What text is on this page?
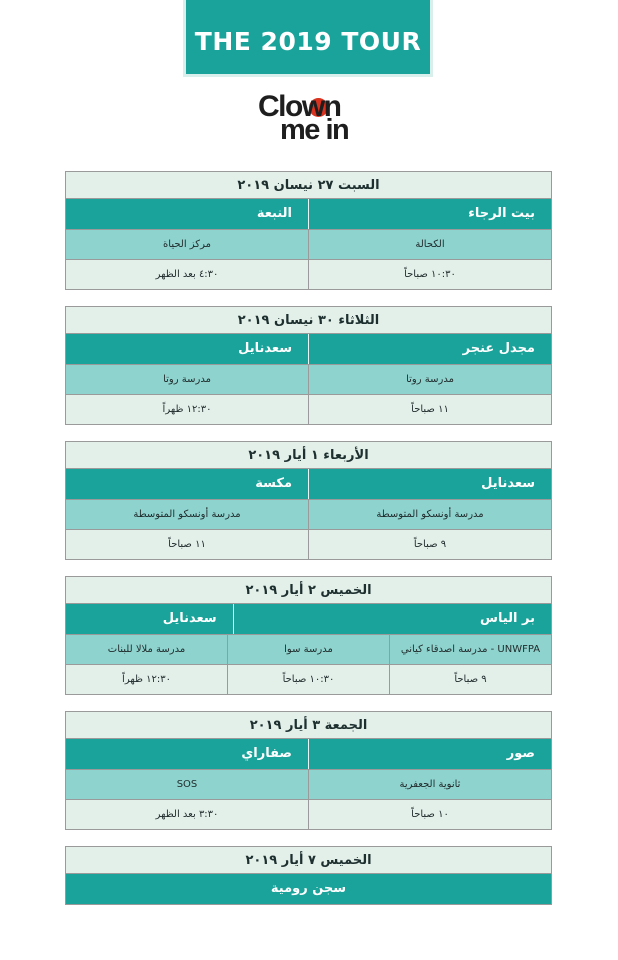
THE 2019 TOUR
Clown
me in
السبت ٢٧ نيسان ٢٠١٩
بيت الرجاء
النبعة
الكحالة
مركز الحياة
١٠:٣٠ صباحاً
٤:٣٠ بعد الظهر
الثلاثاء ٣٠ نيسان ٢٠١٩
مجدل عنجر
سعدنايل
مدرسة روتا
مدرسة روتا
١١ صباحاً
١٢:٣٠ ظهراً
الأربعاء ١ أيار ٢٠١٩
سعدنايل
مكسة
مدرسة أونسكو المتوسطة
مدرسة أونسكو المتوسطة
٩ صباحاً
١١ صباحاً
الخميس ٢ أيار ٢٠١٩
بر الياس
سعدنايل
UNWFPA - مدرسة اصدقاء كياني
مدرسة سوا
مدرسة ملالا للبنات
٩ صباحاً
١٠:٣٠ صباحاً
١٢:٣٠ ظهراً
الجمعة ٣ أيار ٢٠١٩
صور
صفاراي
ثانوية الجعفرية
SOS
١٠ صباحاً
٣:٣٠ بعد الظهر
الخميس ٧ أيار ٢٠١٩
سجن رومية
